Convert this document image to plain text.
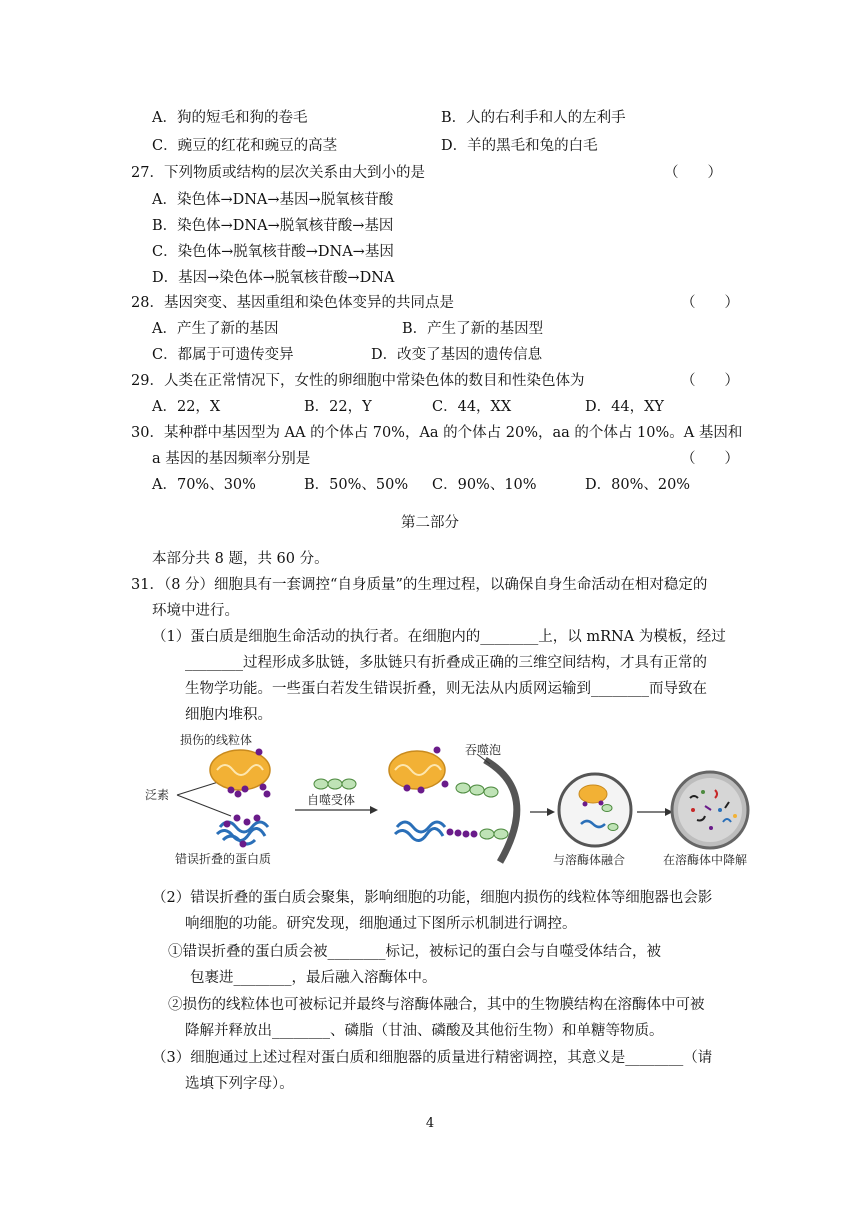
A．狗的短毛和狗的卷毛	B．人的右利手和人的左利手
C．豌豆的红花和豌豆的高茎	D．羊的黑毛和兔的白毛
27．下列物质或结构的层次关系由大到小的是	（　　）
A．染色体→DNA→基因→脱氧核苷酸
B．染色体→DNA→脱氧核苷酸→基因
C．染色体→脱氧核苷酸→DNA→基因
D．基因→染色体→脱氧核苷酸→DNA
28．基因突变、基因重组和染色体变异的共同点是	（　　）
A．产生了新的基因	B．产生了新的基因型
C．都属于可遗传变异	D．改变了基因的遗传信息
29．人类在正常情况下，女性的卵细胞中常染色体的数目和性染色体为	（　　）
A．22，X	B．22，Y	C．44，XX	D．44，XY
30．某种群中基因型为 AA 的个体占 70%，Aa 的个体占 20%，aa 的个体占 10%。A 基因和
a 基因的基因频率分别是	（　　）
A．70%、30%	B．50%、50% C．90%、10%	D．80%、20%
第二部分
本部分共 8 题，共 60 分。
31．（8 分）细胞具有一套调控“自身质量”的生理过程，以确保自身生命活动在相对稳定的
环境中进行。
（1）蛋白质是细胞生命活动的执行者。在细胞内的________上，以 mRNA 为模板，经过
________过程形成多肽链，多肽链只有折叠成正确的三维空间结构，才具有正常的
生物学功能。一些蛋白若发生错误折叠，则无法从内质网运输到________而导致在
细胞内堆积。
损伤的线粒体
泛素	自噬受体
错误折叠的蛋白质
吞噬泡
与溶酶体融合	在溶酶体中降解
（2）错误折叠的蛋白质会聚集，影响细胞的功能，细胞内损伤的线粒体等细胞器也会影
响细胞的功能。研究发现，细胞通过下图所示机制进行调控。
①错误折叠的蛋白质会被________标记，被标记的蛋白会与自噬受体结合，被
包裹进________，最后融入溶酶体中。
②损伤的线粒体也可被标记并最终与溶酶体融合，其中的生物膜结构在溶酶体中可被
降解并释放出________、磷脂（甘油、磷酸及其他衍生物）和单糖等物质。
（3）细胞通过上述过程对蛋白质和细胞器的质量进行精密调控，其意义是________（请
选填下列字母）。
4
